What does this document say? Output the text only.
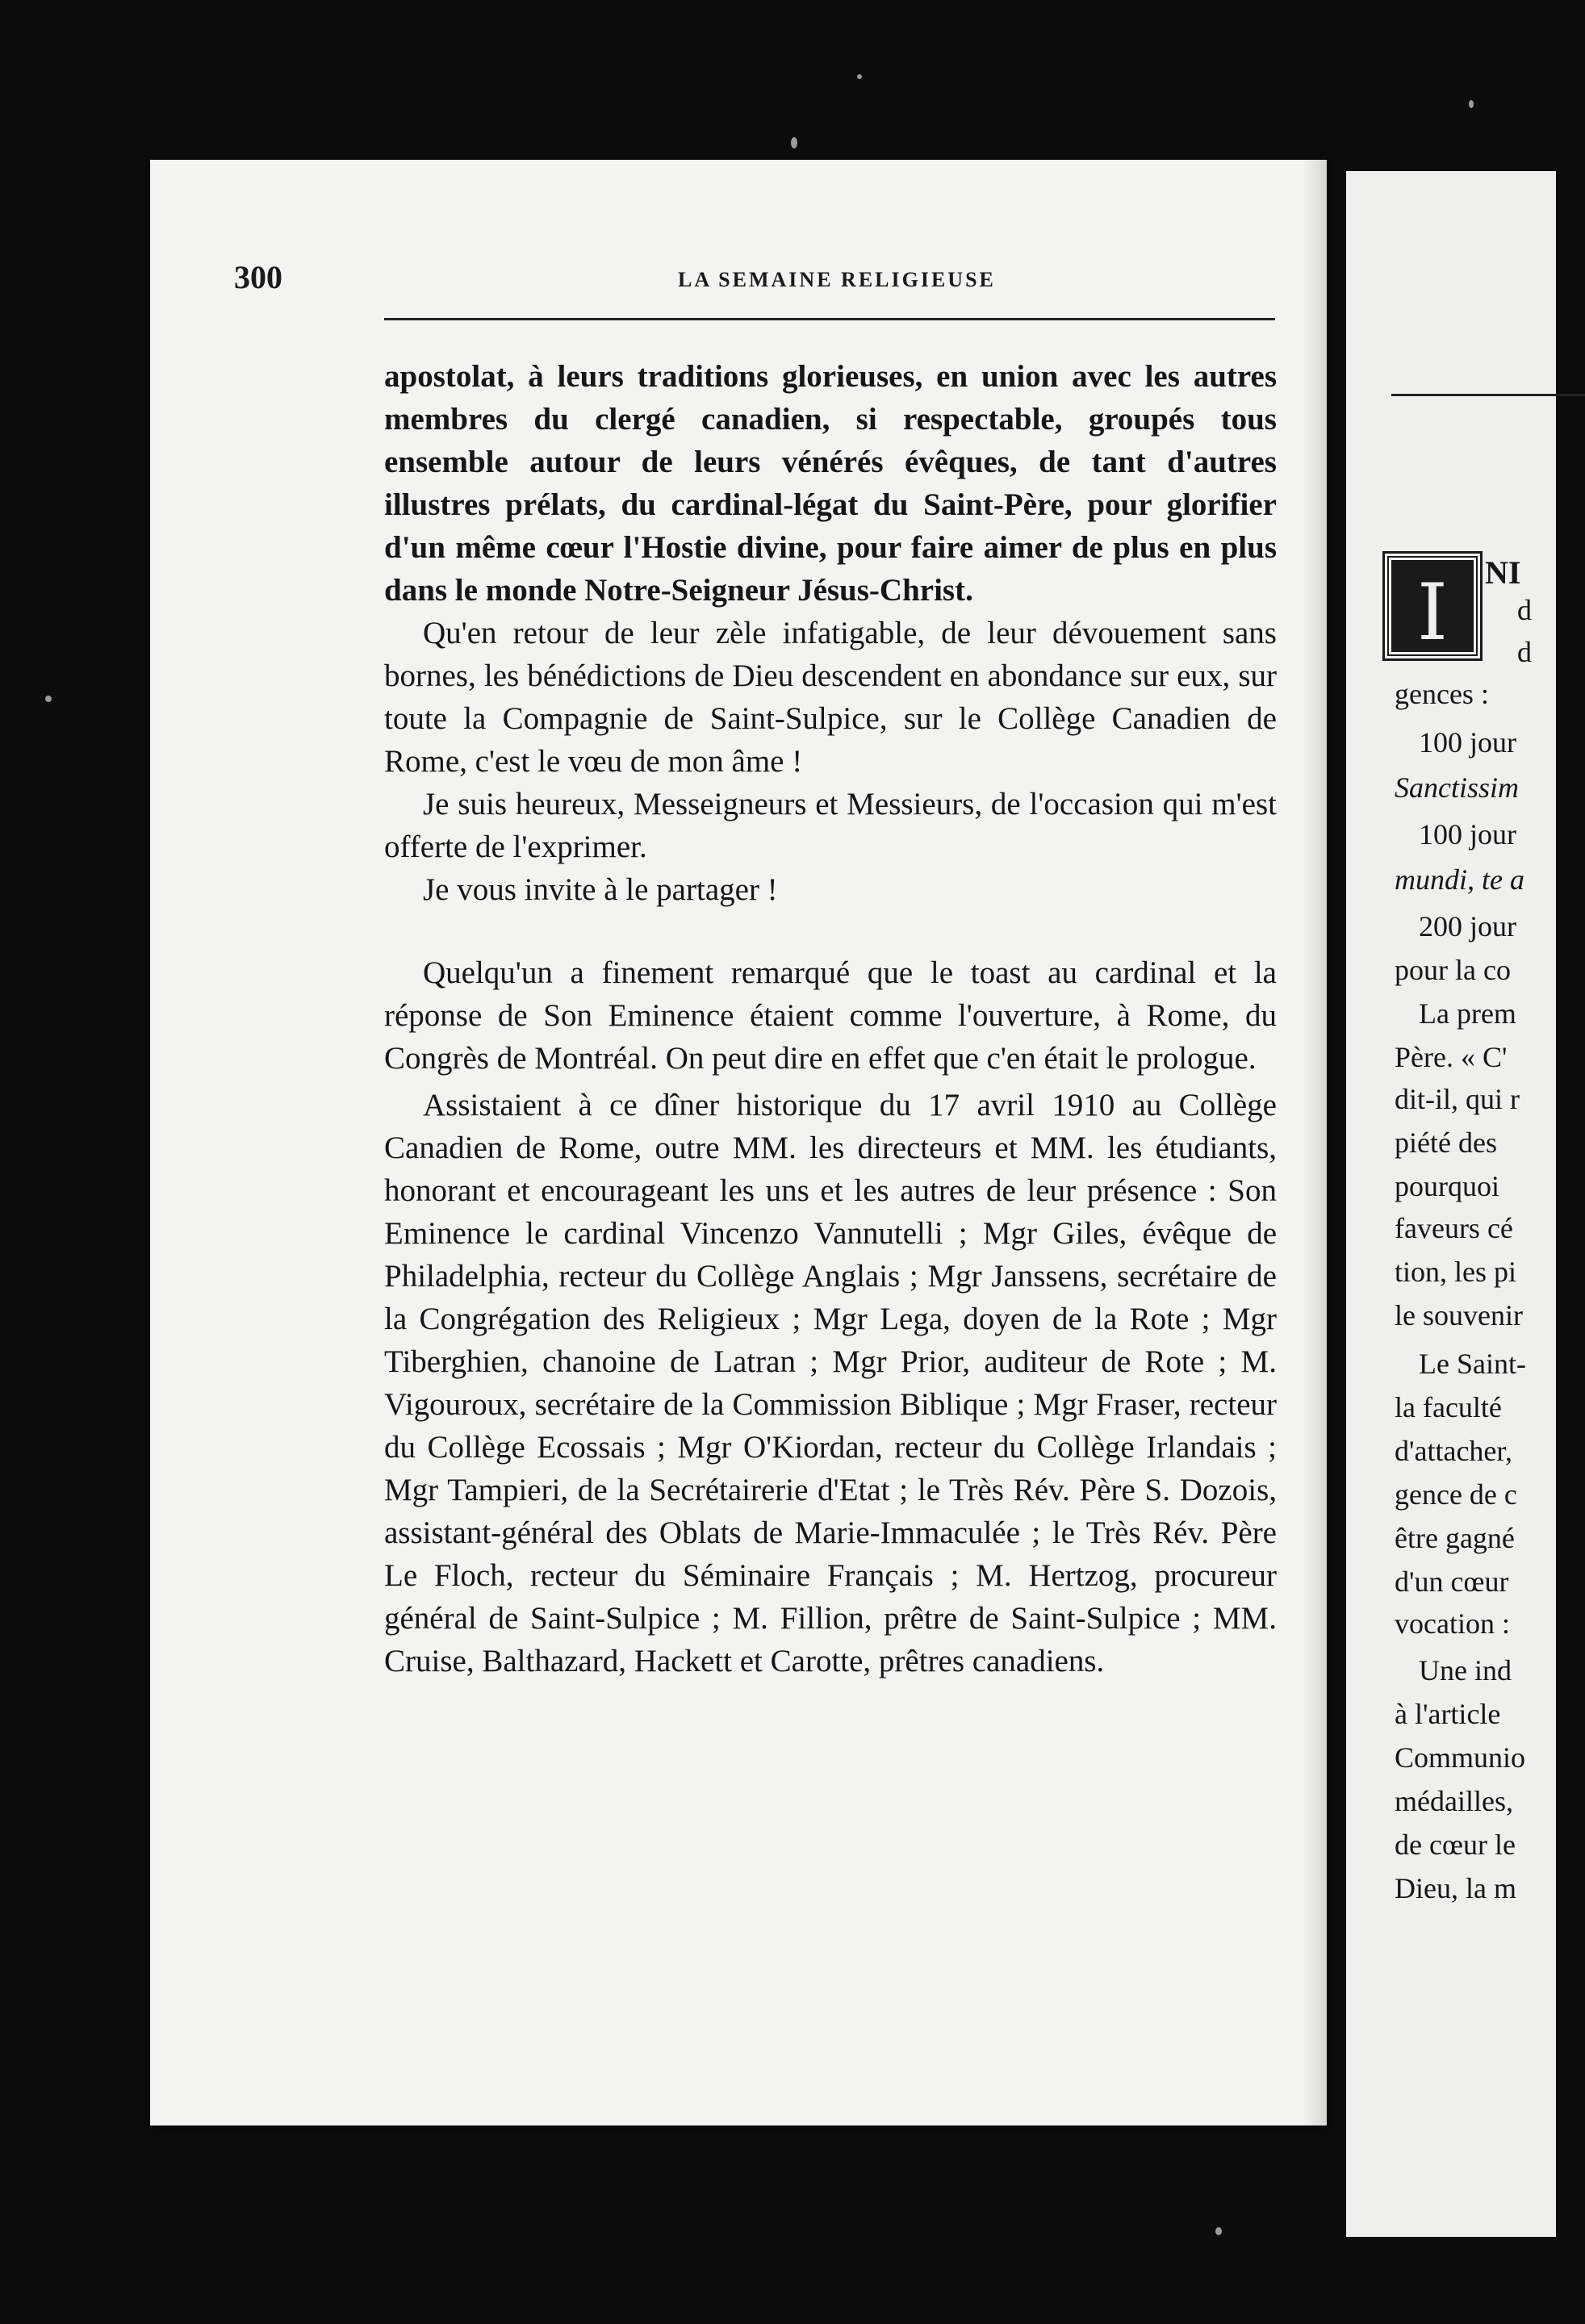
300	LA SEMAINE RELIGIEUSE

apostolat, à leurs traditions glorieuses, en union avec les autres membres du clergé canadien, si respectable, groupés tous ensemble autour de leurs vénérés évêques, de tant d'autres illustres prélats, du cardinal-légat du Saint-Père, pour glorifier d'un même cœur l'Hostie divine, pour faire aimer de plus en plus dans le monde Notre-Seigneur Jésus-Christ.

Qu'en retour de leur zèle infatigable, de leur dévouement sans bornes, les bénédictions de Dieu descendent en abondance sur eux, sur toute la Compagnie de Saint-Sulpice, sur le Collège Canadien de Rome, c'est le vœu de mon âme !

Je suis heureux, Messeigneurs et Messieurs, de l'occasion qui m'est offerte de l'exprimer.

Je vous invite à le partager !

Quelqu'un a finement remarqué que le toast au cardinal et la réponse de Son Eminence étaient comme l'ouverture, à Rome, du Congrès de Montréal. On peut dire en effet que c'en était le prologue.

Assistaient à ce dîner historique du 17 avril 1910 au Collège Canadien de Rome, outre MM. les directeurs et MM. les étudiants, honorant et encourageant les uns et les autres de leur présence : Son Eminence le cardinal Vincenzo Vannutelli ; Mgr Giles, évêque de Philadelphia, recteur du Collège Anglais ; Mgr Janssens, secrétaire de la Congrégation des Religieux ; Mgr Lega, doyen de la Rote ; Mgr Tiberghien, chanoine de Latran ; Mgr Prior, auditeur de Rote ; M. Vigouroux, secrétaire de la Commission Biblique ; Mgr Fraser, recteur du Collège Ecossais ; Mgr O'Kiordan, recteur du Collège Irlandais ; Mgr Tampieri, de la Secrétairerie d'Etat ; le Très Rév. Père S. Dozois, assistant-général des Oblats de Marie-Immaculée ; le Très Rév. Père Le Floch, recteur du Séminaire Français ; M. Hertzog, procureur général de Saint-Sulpice ; M. Fillion, prêtre de Saint-Sulpice ; MM. Cruise, Balthazard, Hackett et Carotte, prêtres canadiens.

I	NI
d
d
gences :
100 jour
Sanctissim
100 jour
mundi, te a
200 jour
pour la co
La prem
Père. « C'
dit-il, qui r
piété des
pourquoi
faveurs cé
tion, les pi
le souvenir
Le Saint-
la faculté
d'attacher,
gence de c
être gagné
d'un cœur
vocation :
Une ind
à l'article
Communio
médailles,
de cœur le
Dieu, la m
